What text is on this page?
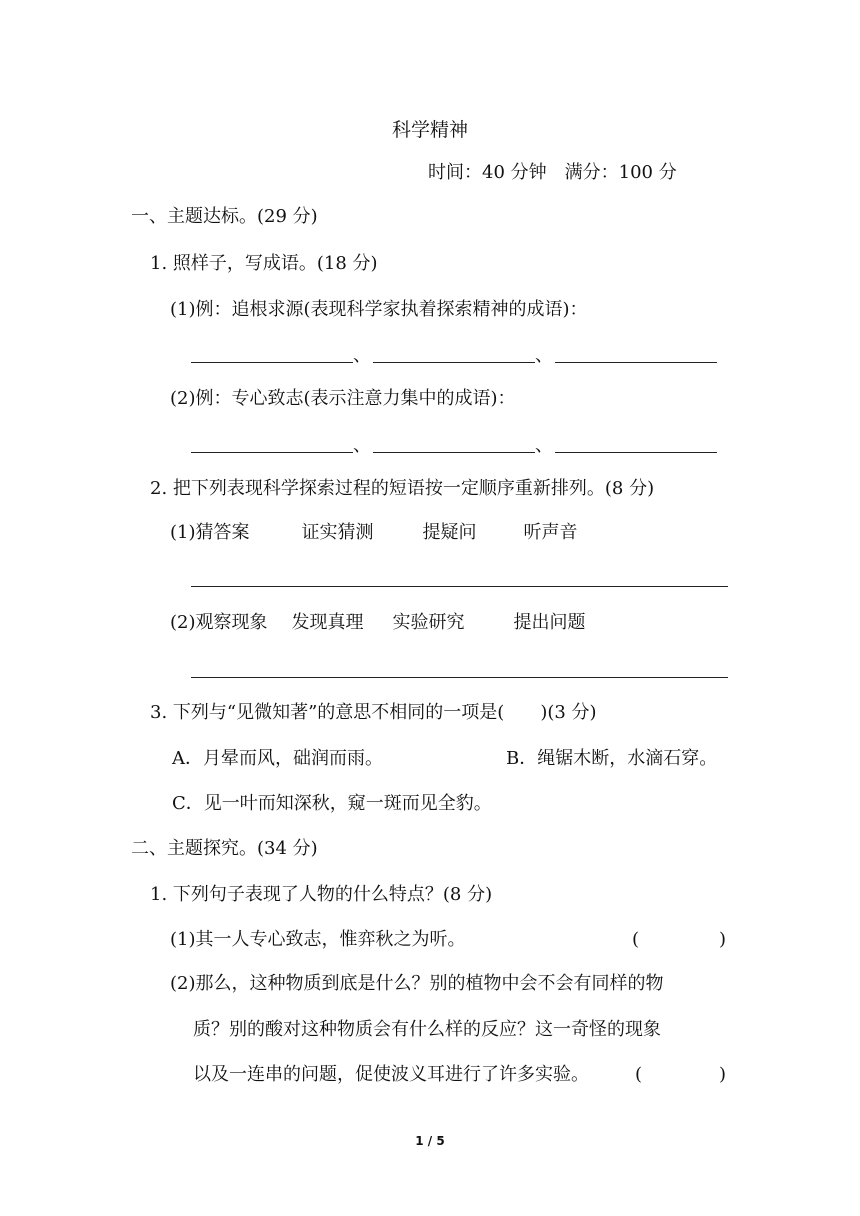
科学精神
时间：40 分钟 满分：100 分
一、主题达标。(29 分)
1. 照样子，写成语。(18 分)
(1)例：追根求源(表现科学家执着探索精神的成语)：
、	、
(2)例：专心致志(表示注意力集中的成语)：
、	、
2. 把下列表现科学探索过程的短语按一定顺序重新排列。(8 分)
(1)猜答案	证实猜测	提疑问	听声音
(2)观察现象 发现真理 实验研究	提出问题
3. 下列与“见微知著”的意思不相同的一项是(　　)(3 分)
A．月晕而风，础润而雨。	B．绳锯木断，水滴石穿。
C．见一叶而知深秋，窥一斑而见全豹。
二、主题探究。(34 分)
1. 下列句子表现了人物的什么特点？(8 分)
(1)其一人专心致志，惟弈秋之为听。	(	)
(2)那么，这种物质到底是什么？别的植物中会不会有同样的物
质？别的酸对这种物质会有什么样的反应？这一奇怪的现象
以及一连串的问题，促使波义耳进行了许多实验。	(	)
1 / 5
